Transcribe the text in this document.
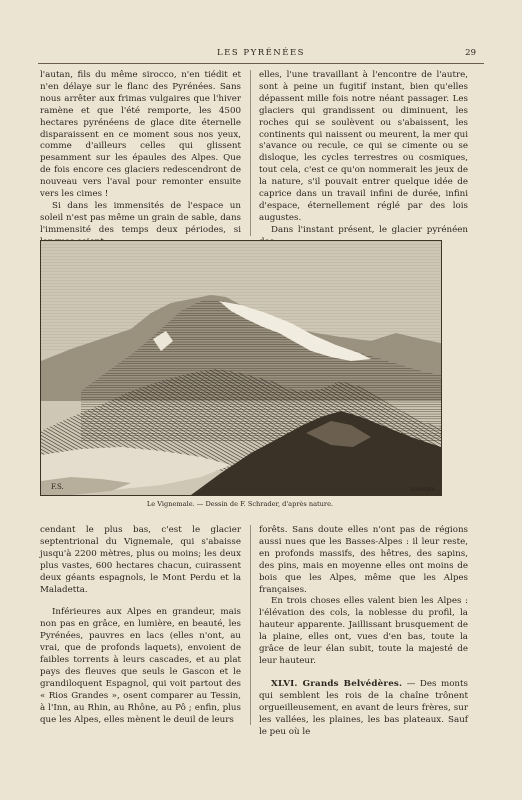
LES PYRÉNÉES	29

l'autan, fils du même sirocco, n'en tiédit et n'en délaye sur le flanc des Pyrénées. Sans nous arrêter aux frimas vulgaires que l'hiver ramène et que l'été remporte, les 4500 hectares pyrénéens de glace dite éternelle disparaissent en ce moment sous nos yeux, comme d'ailleurs celles qui glissent pesamment sur les épaules des Alpes. Que de fois encore ces glaciers redescendront de nouveau vers l'aval pour remonter ensuite vers les cimes !

Si dans les immensités de l'espace un soleil n'est pas même un grain de sable, dans l'immensité des temps deux périodes, si

elles, l'une travaillant à l'encontre de l'autre, sont à peine un fugitif instant, bien qu'elles dépassent mille fois notre néant passager. Les glaciers qui grandissent ou diminuent, les roches qui se soulèvent ou s'abaissent, les continents qui naissent ou meurent, la mer qui s'avance ou recule, ce qui se cimente ou se disloque, les cycles terrestres ou cosmiques, tout cela, c'est ce qu'on nommerait les jeux de la nature, s'il pouvait entrer quelque idée de caprice dans un travail infini de durée, infini d'espace, éternellement réglé par des lois augustes.

Dans l'instant présent, le glacier pyrénéen

F.S.	SCHRADER
Le Vignemale. — Dessin de F. Schrader, d'après nature.

cendant le plus bas, c'est le glacier septentrional du Vignemale, qui s'abaisse jusqu'à 2200 mètres, plus ou moins; les deux plus vastes, 600 hectares chacun, cuirassent deux géants espagnols, le Mont Perdu et la Maladetta.

Inférieures aux Alpes en grandeur, mais non pas en grâce, en lumière, en beauté, les Pyrénées, pauvres en lacs (elles n'ont, au vrai, que de profonds laquets), envoient de faibles torrents à leurs cascades, et au plat pays des fleuves que seuls le Gascon et le grandiloquent Espagnol, qui voit partout des « Rios Grandes », osent comparer au Tessin, à l'Inn, au Rhin, au Rhône, au Pô ; enfin, plus que les Alpes, elles mènent le deuil de leurs

forêts. Sans doute elles n'ont pas de régions aussi nues que les Basses-Alpes : il leur reste, en profonds massifs, des hêtres, des sapins, des pins, mais en moyenne elles ont moins de bois que les Alpes, même que les Alpes françaises.

En trois choses elles valent bien les Alpes : l'élévation des cols, la noblesse du profil, la hauteur apparente. Jaillissant brusquement de la plaine, elles ont, vues d'en bas, toute la grâce de leur élan subit, toute la majesté de leur hauteur.

XLVI. Grands Belvédères. — Des monts qui semblent les rois de la chaîne trônent orgueilleusement, en avant de leurs frères, sur les vallées, les plaines, les bas plateaux. Sauf le peu où le
